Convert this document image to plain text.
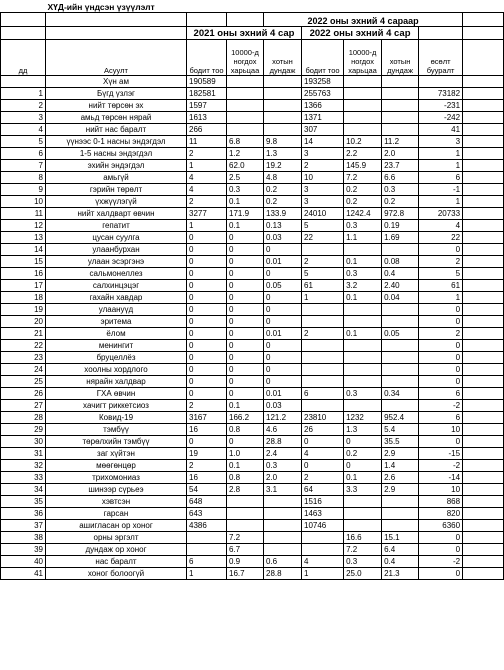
	ХҮД-ийн үндсэн үзүүлэлт								
				2022 оны эхний 4 сараар					
		2021 оны эхний 4 сар			2022 оны эхний 4 сар				
дд	Асуулт	бодит тоо	10000-д ногдох харьцаа	хотын дундаж	бодит тоо	10000-д ногдох харьцаа	хотын дундаж	өсөлт бууралт	
	Хүн ам	190589			193258				
1	Бүгд үзлэг	182581			255763			73182	
2	нийт төрсөн эх	1597			1366			-231	
3	амьд төрсөн нярай	1613			1371			-242	
4	нийт нас баралт	266			307			41	
5	үүнээс 0-1 насны эндэгдэл	11	6.8	9.8	14	10.2	11.2	3	
6	1-5 насны эндэгдэл	2	1.2	1.3	3	2.2	2.0	1	
7	эхийн эндэгдэл	1	62.0	19.2	2	145.9	23.7	1	
8	амьгүй	4	2.5	4.8	10	7.2	6.6	6	
9	гэрийн төрөлт	4	0.3	0.2	3	0.2	0.3	-1	
10	үхжүүлэгүй	2	0.1	0.2	3	0.2	0.2	1	
11	нийт халдварт өвчин	3277	171.9	133.9	24010	1242.4	972.8	20733	
12	гепатит	1	0.1	0.13	5	0.3	0.19	4	
13	цусан суулга	0	0	0.03	22	1.1	1.69	22	
14	улаанбурхан	0	0	0				0	
15	улаан эсэргэнэ	0	0	0.01	2	0.1	0.08	2	
16	сальмонеллез	0	0	0	5	0.3	0.4	5	
17	салхинцэцэг	0	0	0.05	61	3.2	2.40	61	
18	гахайн хавдар	0	0	0	1	0.1	0.04	1	
19	улаануүд	0	0	0				0	
20	эритема	0	0	0				0	
21	ёлом	0	0	0.01	2	0.1	0.05	2	
22	менингит	0	0	0				0	
23	бруцеллёз	0	0	0				0	
24	хоолны хордлого	0	0	0				0	
25	нярайн халдвар	0	0	0				0	
26	ГХА өвчин	0	0	0.01	6	0.3	0.34	6	
27	хачигт риккетсиоз	2	0.1	0.03				-2	
28	Ковид-19	3167	166.2	121.2	23810	1232	952.4	6	
29	тэмбүү	16	0.8	4.6	26	1.3	5.4	10	
30	төрөлхийн тэмбүү	0	0	28.8	0	0	35.5	0	
31	заг хүйтэн	19	1.0	2.4	4	0.2	2.9	-15	
32	мөөгөнцөр	2	0.1	0.3	0	0	1.4	-2	
33	трихомониаз	16	0.8	2.0	2	0.1	2.6	-14	
34	шинээр сүрьеэ	54	2.8	3.1	64	3.3	2.9	10	
35	хэвтсэн	648			1516			868	
36	гарсан	643			1463			820	
37	ашигласан ор хоног	4386			10746			6360	
38	орны эргэлт		7.2			16.6	15.1	0	
39	дундаж ор хоног		6.7			7.2	6.4	0	
40	нас баралт	6	0.9	0.6	4	0.3	0.4	-2	
41	хоног болоогүй	1	16.7	28.8	1	25.0	21.3	0	
